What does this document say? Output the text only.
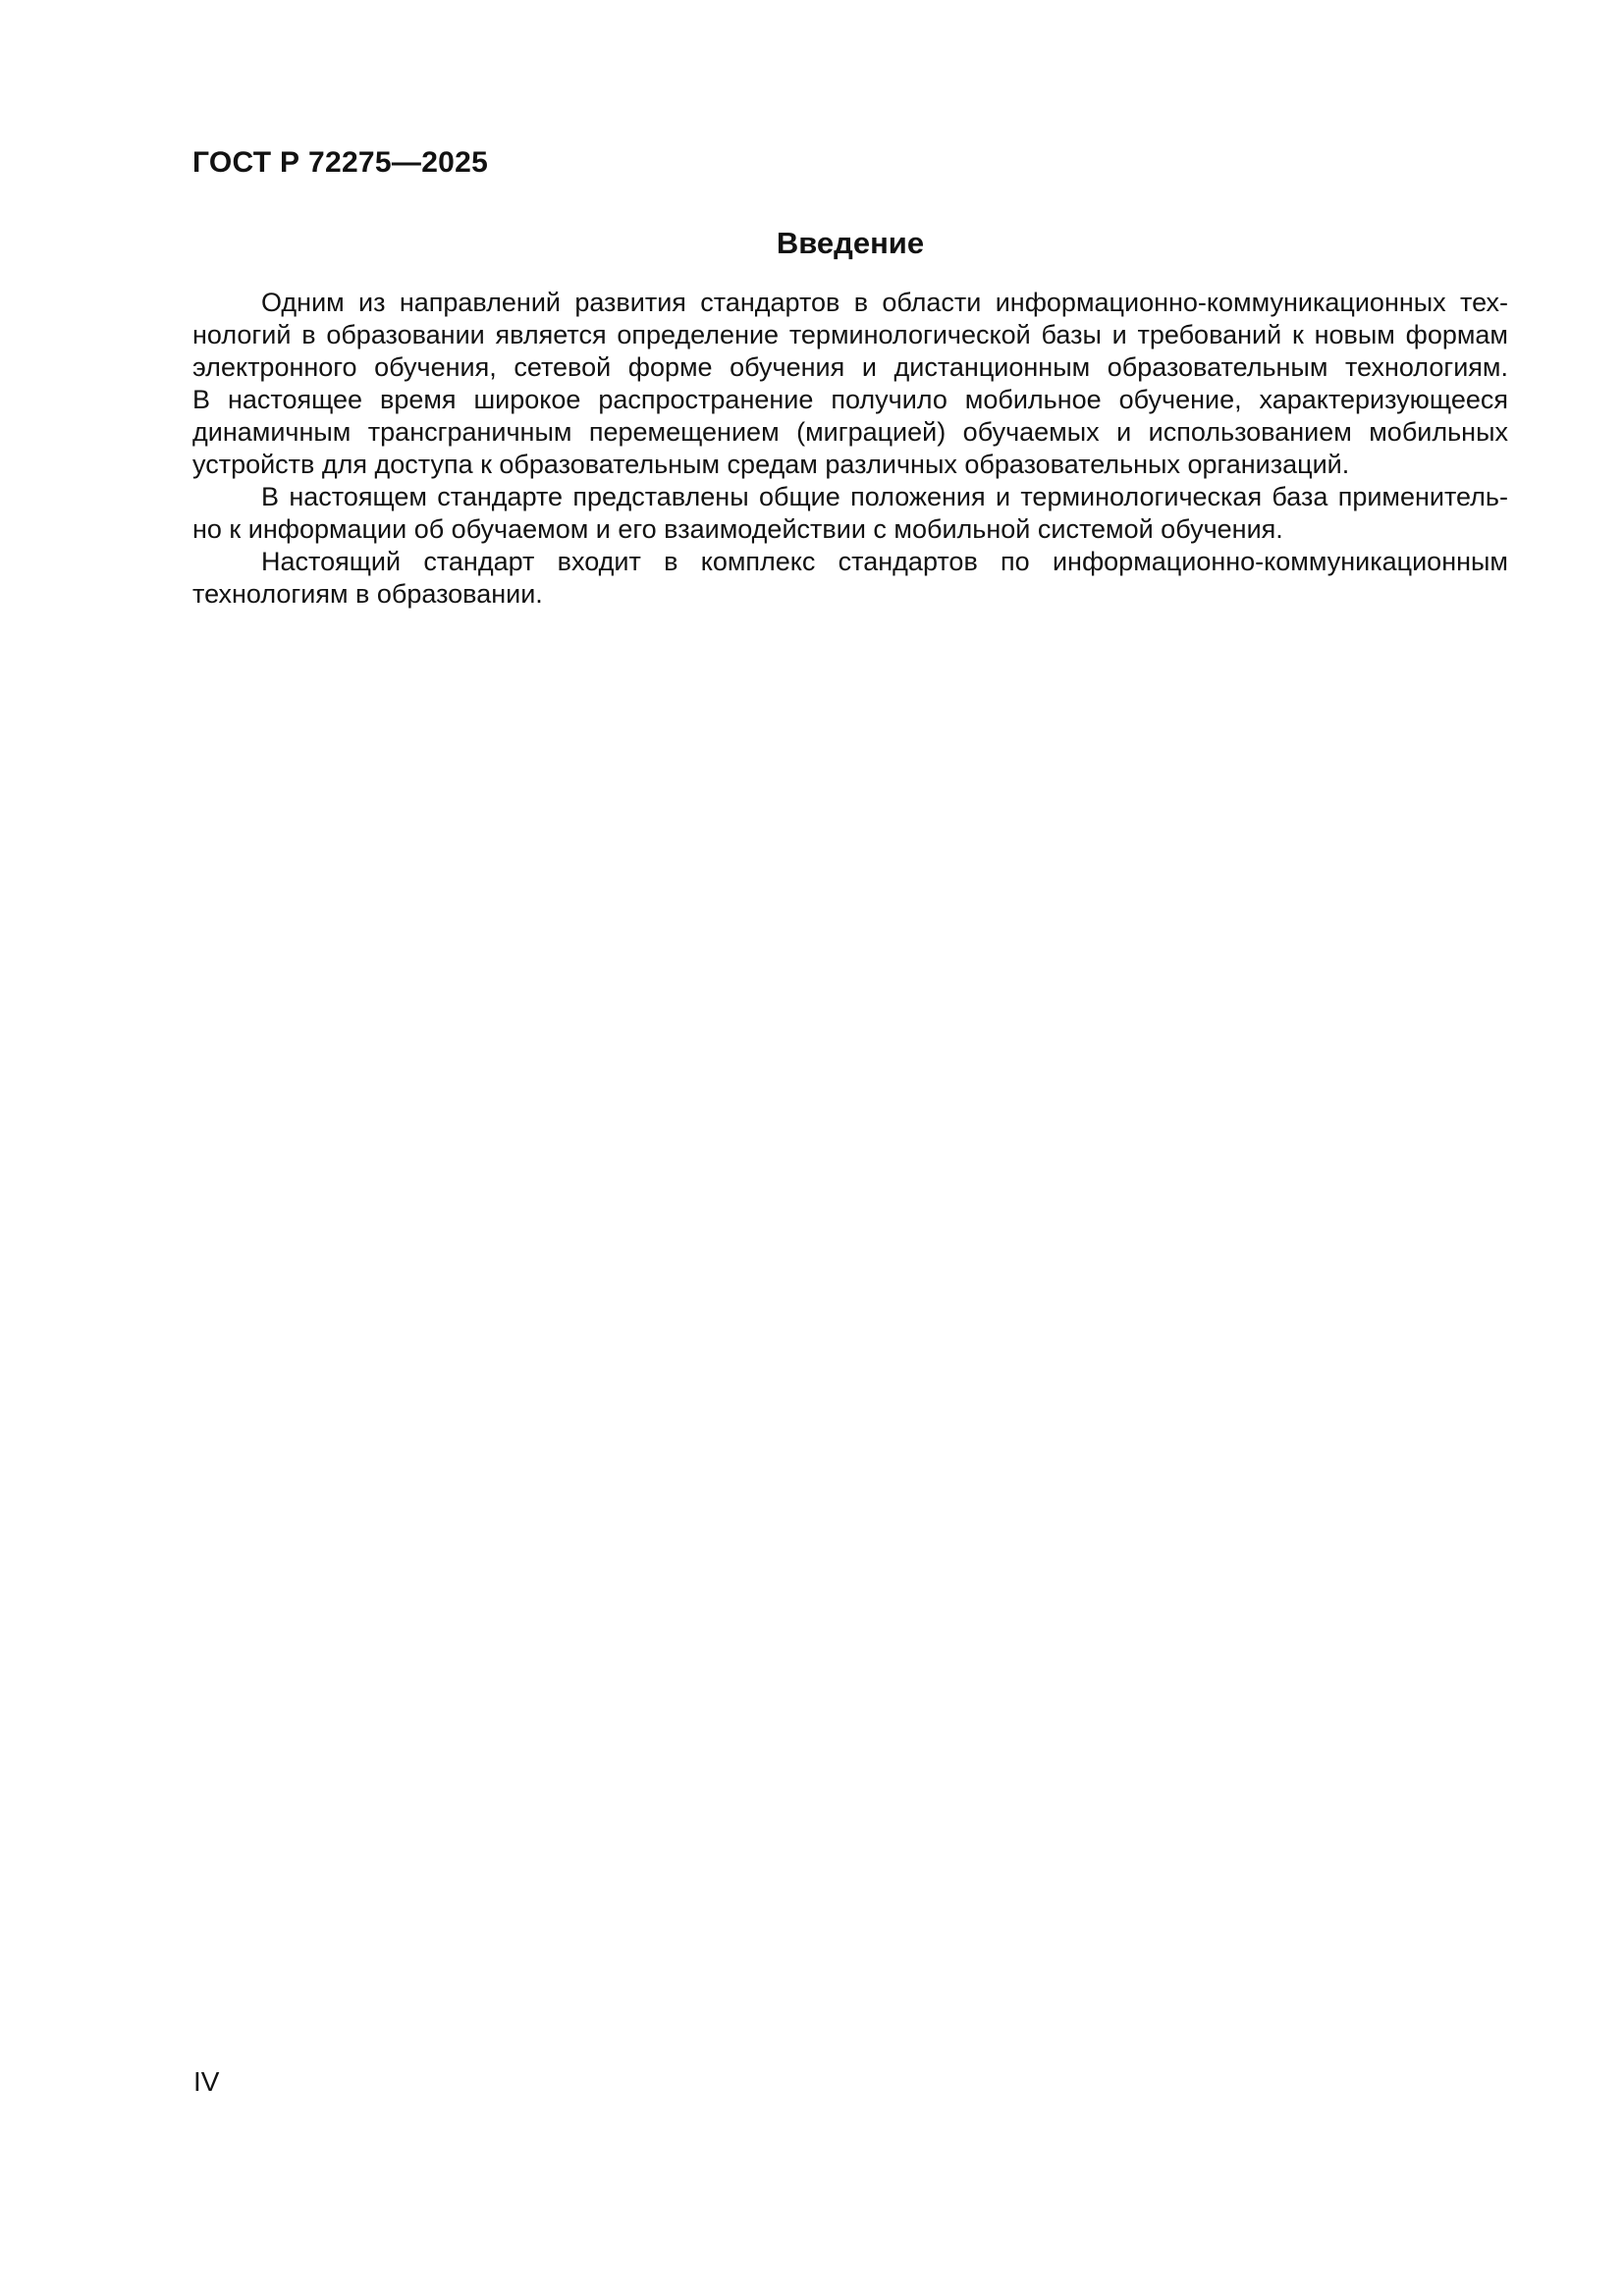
ГОСТ Р 72275—2025
Введение
Одним из направлений развития стандартов в области информационно-коммуникационных тех-
нологий в образовании является определение терминологической базы и требований к новым формам
электронного обучения, сетевой форме обучения и дистанционным образовательным технологиям.
В настоящее время широкое распространение получило мобильное обучение, характеризующееся
динамичным трансграничным перемещением (миграцией) обучаемых и использованием мобильных
устройств для доступа к образовательным средам различных образовательных организаций.
В настоящем стандарте представлены общие положения и терминологическая база применитель-
но к информации об обучаемом и его взаимодействии с мобильной системой обучения.
Настоящий стандарт входит в комплекс стандартов по информационно-коммуникационным
технологиям в образовании.
IV
